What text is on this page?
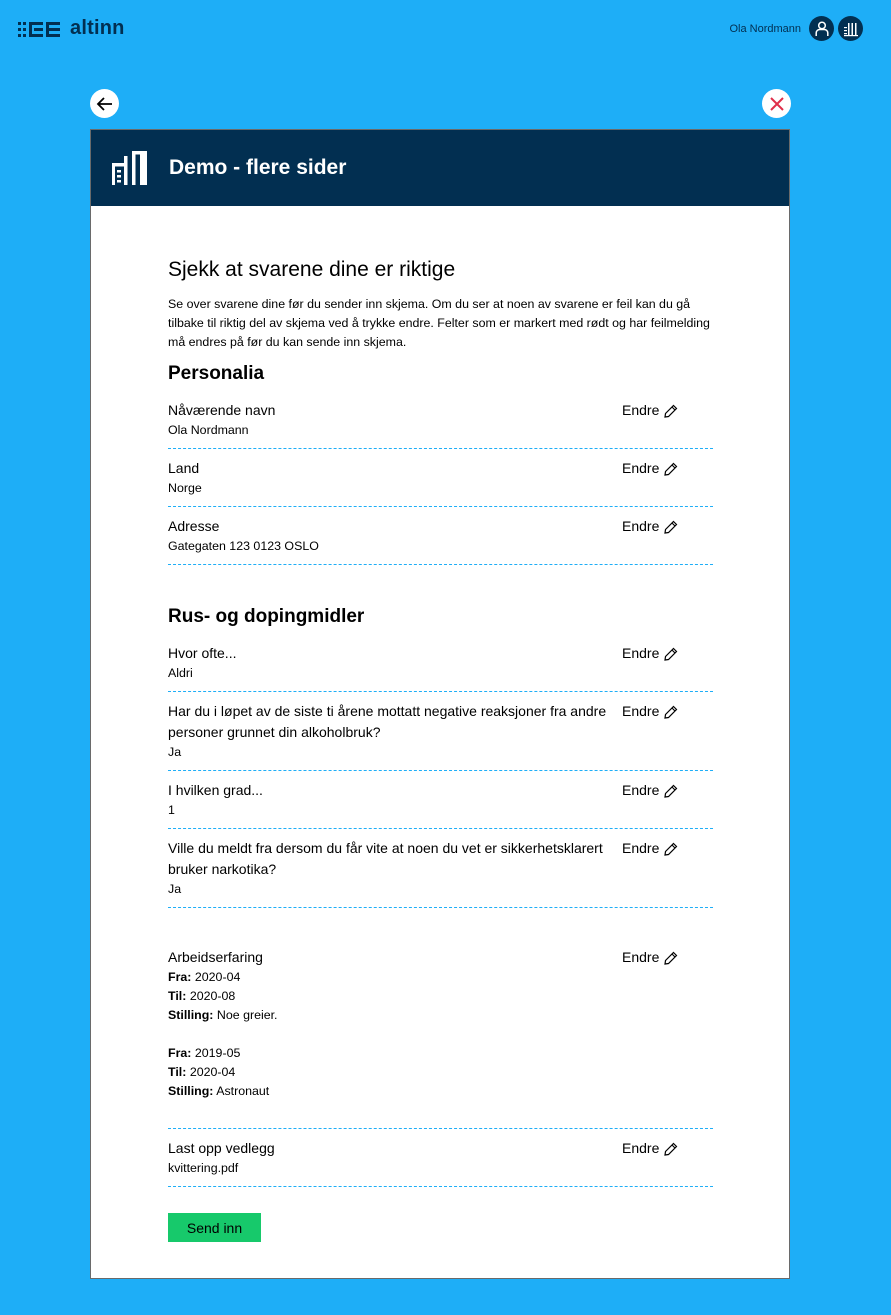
altinn	Ola Nordmann
Demo - flere sider
Sjekk at svarene dine er riktige
Se over svarene dine før du sender inn skjema. Om du ser at noen av svarene er feil kan du gå tilbake til riktig del av skjema ved å trykke endre. Felter som er markert med rødt og har feilmelding må endres på før du kan sende inn skjema.
Personalia
Nåværende navn
Ola Nordmann
Endre
Land
Norge
Endre
Adresse
Gategaten 123 0123 OSLO
Endre
Rus- og dopingmidler
Hvor ofte...
Aldri
Endre
Har du i løpet av de siste ti årene mottatt negative reaksjoner fra andre personer grunnet din alkoholbruk?
Ja
Endre
I hvilken grad...
1
Endre
Ville du meldt fra dersom du får vite at noen du vet er sikkerhetsklarert bruker narkotika?
Ja
Endre
Arbeidserfaring
Fra: 2020-04
Til: 2020-08
Stilling: Noe greier.
Fra: 2019-05
Til: 2020-04
Stilling: Astronaut
Endre
Last opp vedlegg
kvittering.pdf
Endre
Send inn
